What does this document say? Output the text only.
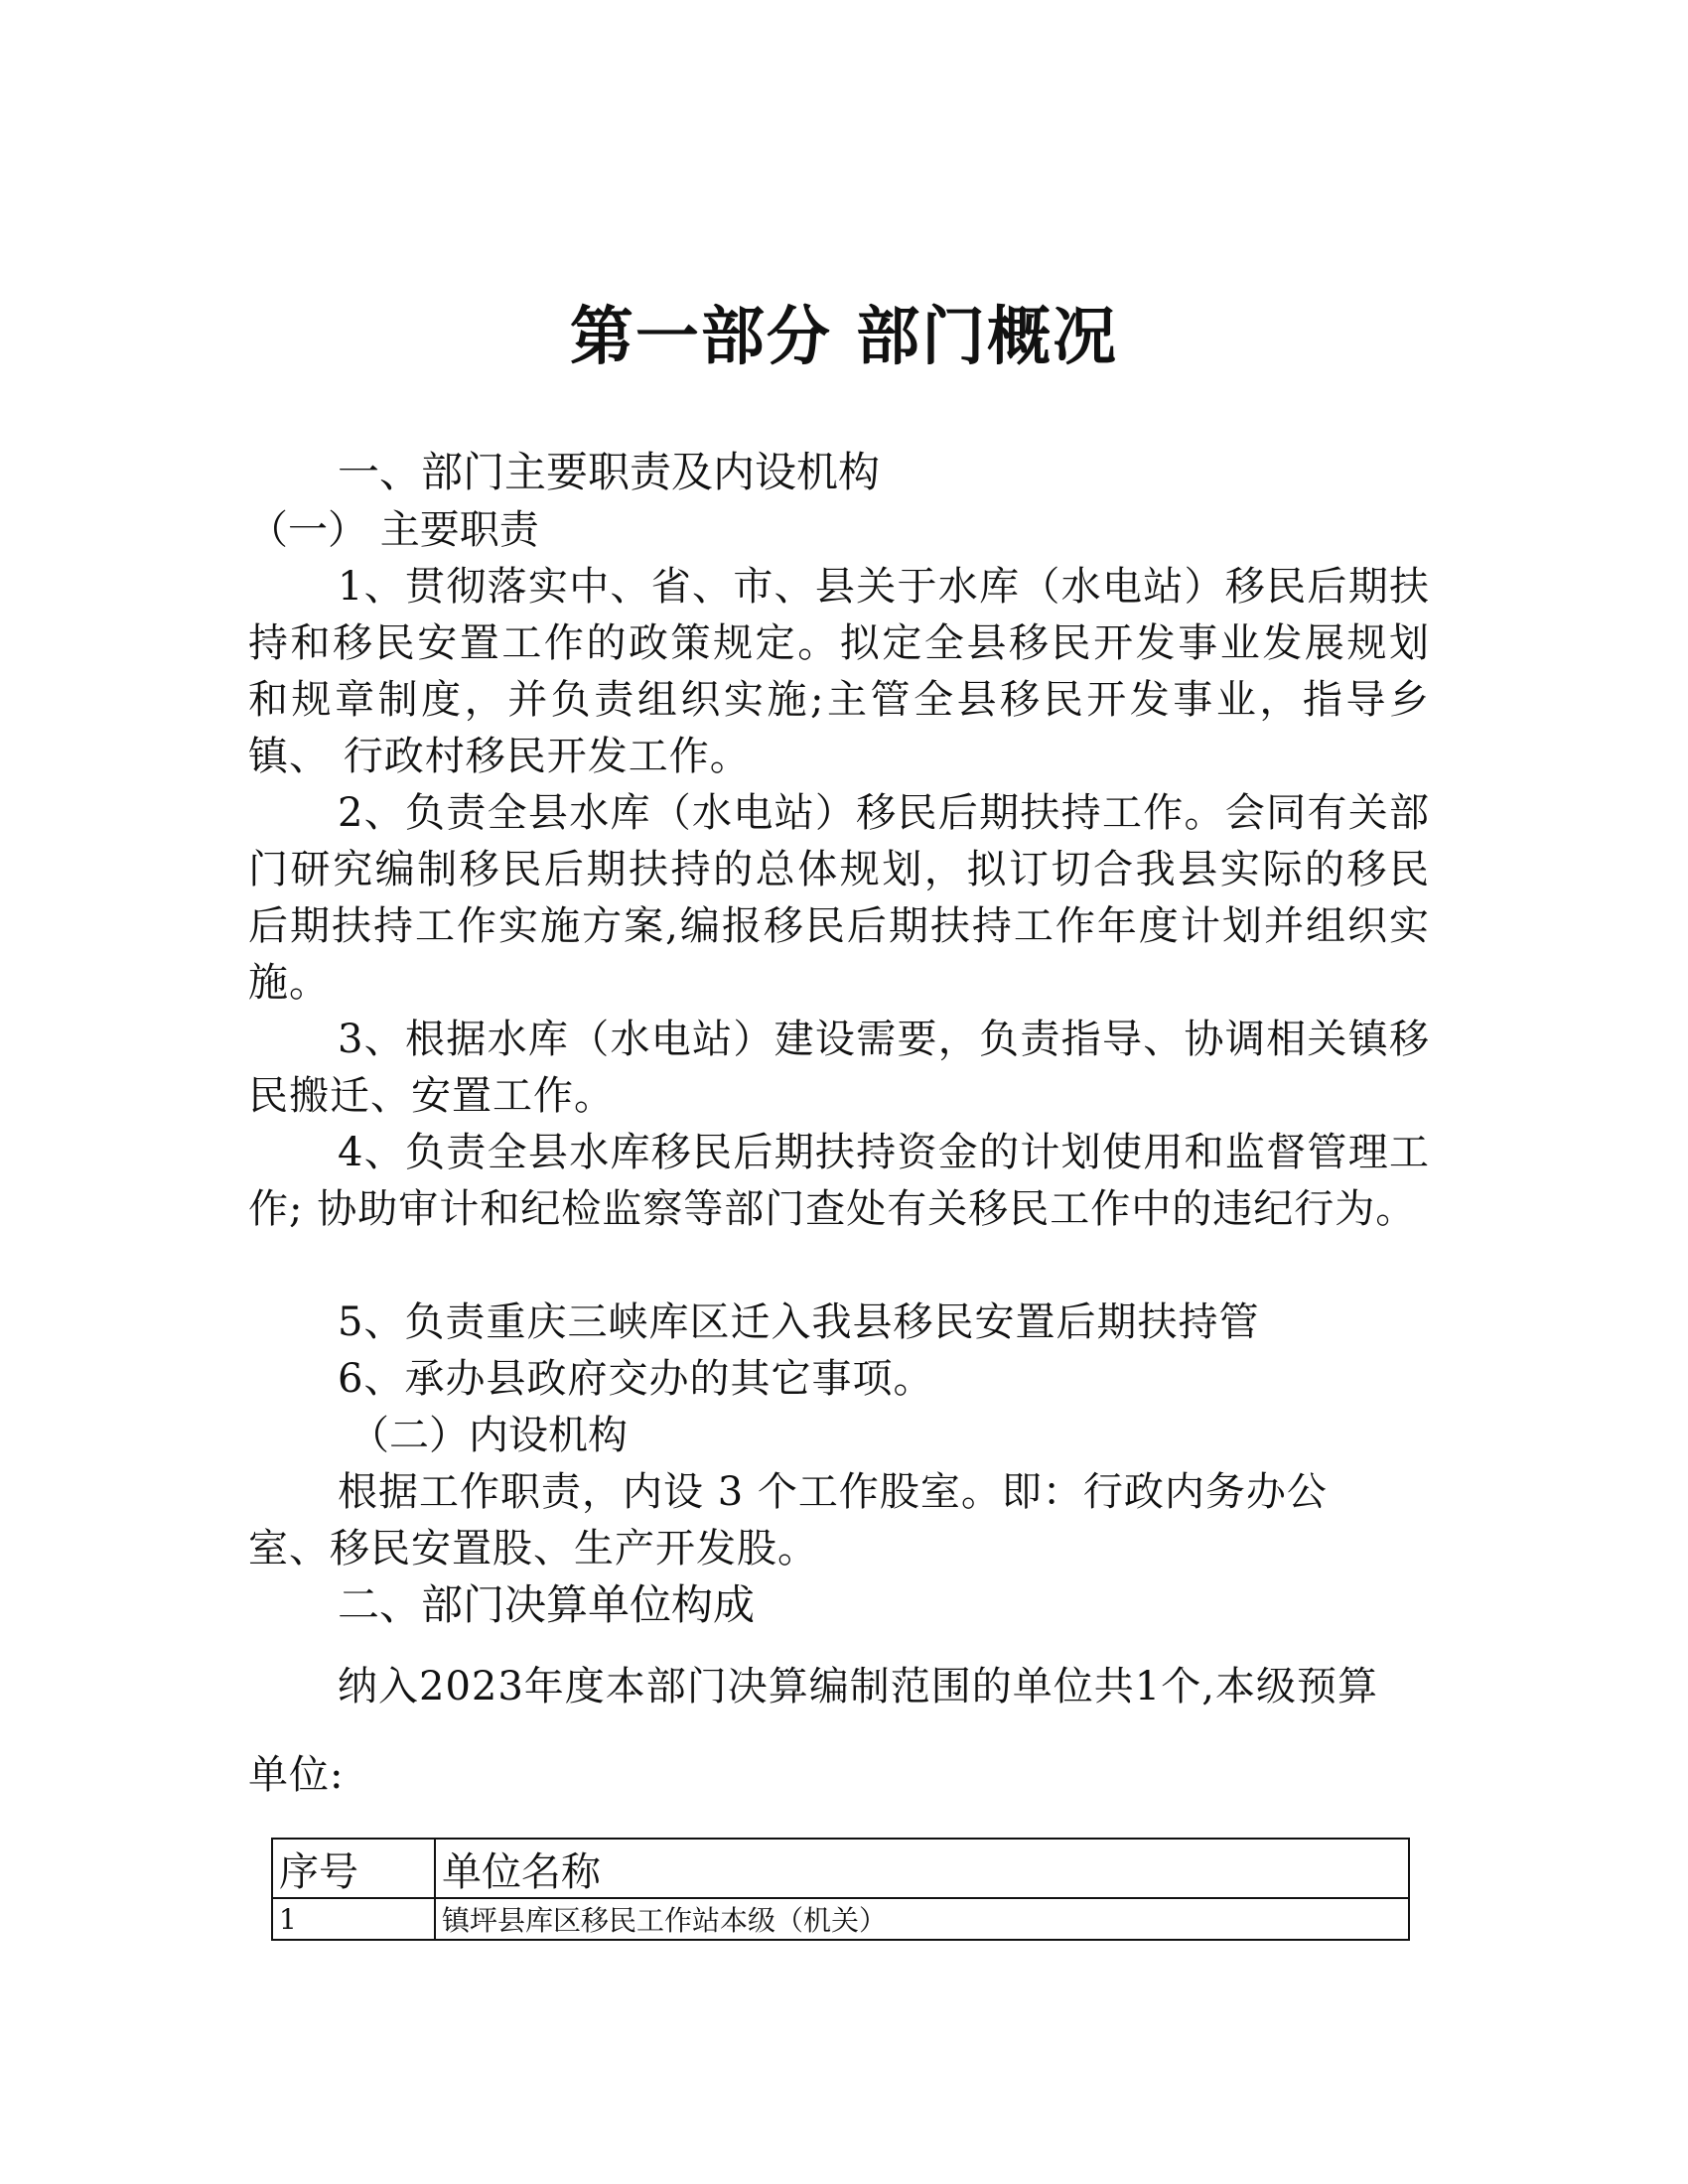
第一部分 部门概况
一、部门主要职责及内设机构
（一） 主要职责
1、贯彻落实中、省、市、县关于水库（水电站）移民后期扶持和移民安置工作的政策规定。拟定全县移民开发事业发展规划 和规章制度，并负责组织实施;主管全县移民开发事业，指导乡镇、 行政村移民开发工作。
2、负责全县水库（水电站）移民后期扶持工作。会同有关部门研究编制移民后期扶持的总体规划，拟订切合我县实际的移民 后期扶持工作实施方案,编报移民后期扶持工作年度计划并组织实施。
3、根据水库（水电站）建设需要，负责指导、协调相关镇移民搬迁、安置工作。
4、负责全县水库移民后期扶持资金的计划使用和监督管理工作; 协助审计和纪检监察等部门查处有关移民工作中的违纪行为。
5、负责重庆三峡库区迁入我县移民安置后期扶持管
6、承办县政府交办的其它事项。
（二）内设机构
根据工作职责，内设 3 个工作股室。即：行政内务办公
室、移民安置股、生产开发股。
二、部门决算单位构成
纳入2023年度本部门决算编制范围的单位共1个,本级预算
单位:
序号	单位名称
1	镇坪县库区移民工作站本级（机关）
